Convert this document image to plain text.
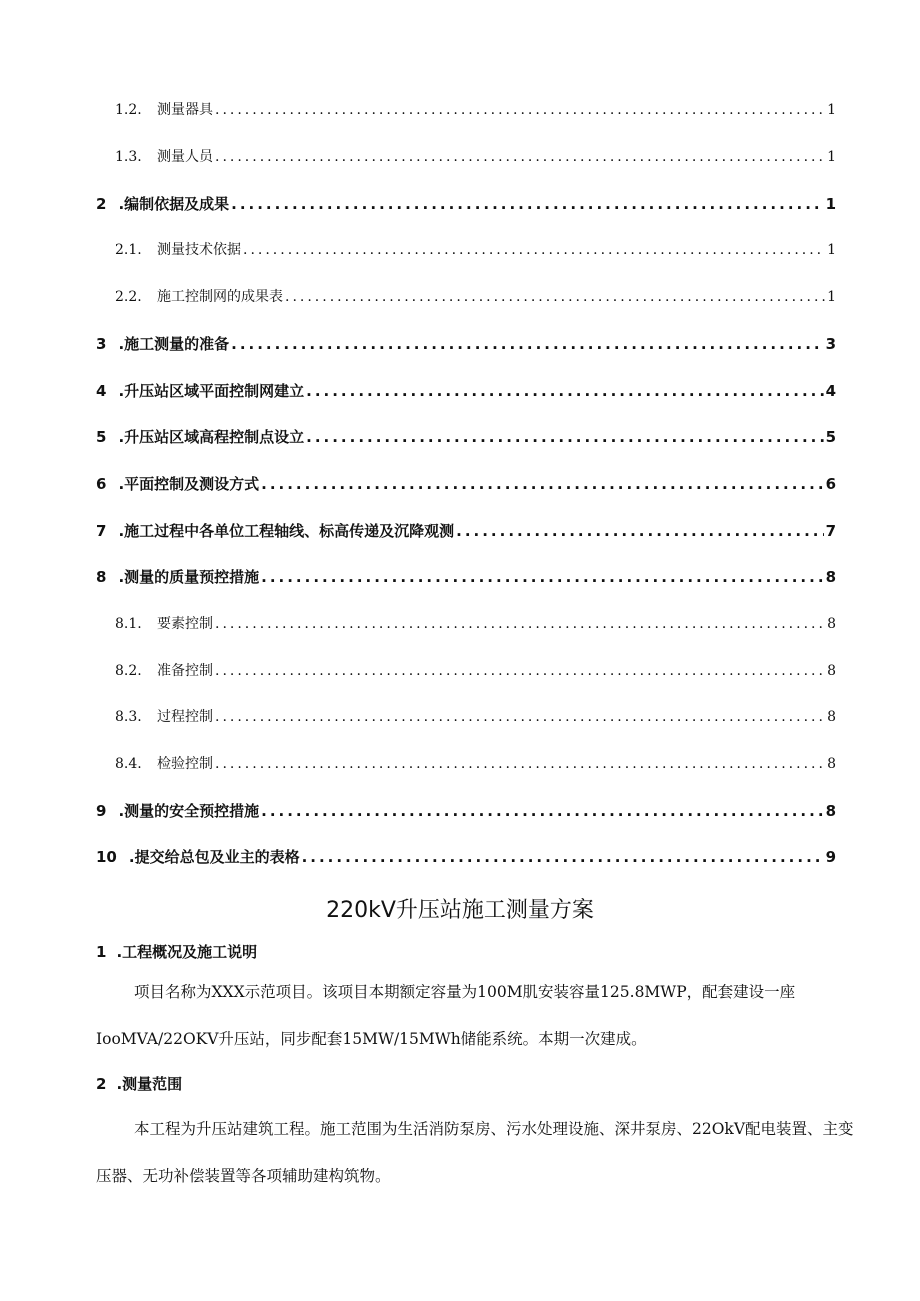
1.2.	测量器具 .....	1
1.3.	测量人员 .....	1
2 .编制依据及成果 .....	1
2.1.	测量技术依据 .....	1
2.2.	施工控制网的成果表 .....	1
3 .施工测量的准备 .....	3
4 .升压站区域平面控制网建立 .....	4
5 .升压站区域高程控制点设立 .....	5
6 .平面控制及测设方式 .....	6
7 .施工过程中各单位工程轴线、标高传递及沉降观测 .....	7
8 .测量的质量预控措施 .....	8
8.1.	要素控制 .....	8
8.2.	准备控制 .....	8
8.3.	过程控制 .....	8
8.4.	检验控制 .....	8
9 .测量的安全预控措施 .....	8
10 .提交给总包及业主的表格 .....	9
220kV升压站施工测量方案
1 .工程概况及施工说明
项目名称为XXX示范项目。该项目本期额定容量为100M肌安装容量125.8MWP，配套建设一座IooMVA/22OKV升压站，同步配套15MW/15MWh储能系统。本期一次建成。
2 .测量范围
本工程为升压站建筑工程。施工范围为生活消防泵房、污水处理设施、深井泵房、22OkV配电装置、主变压器、无功补偿装置等各项辅助建构筑物。
